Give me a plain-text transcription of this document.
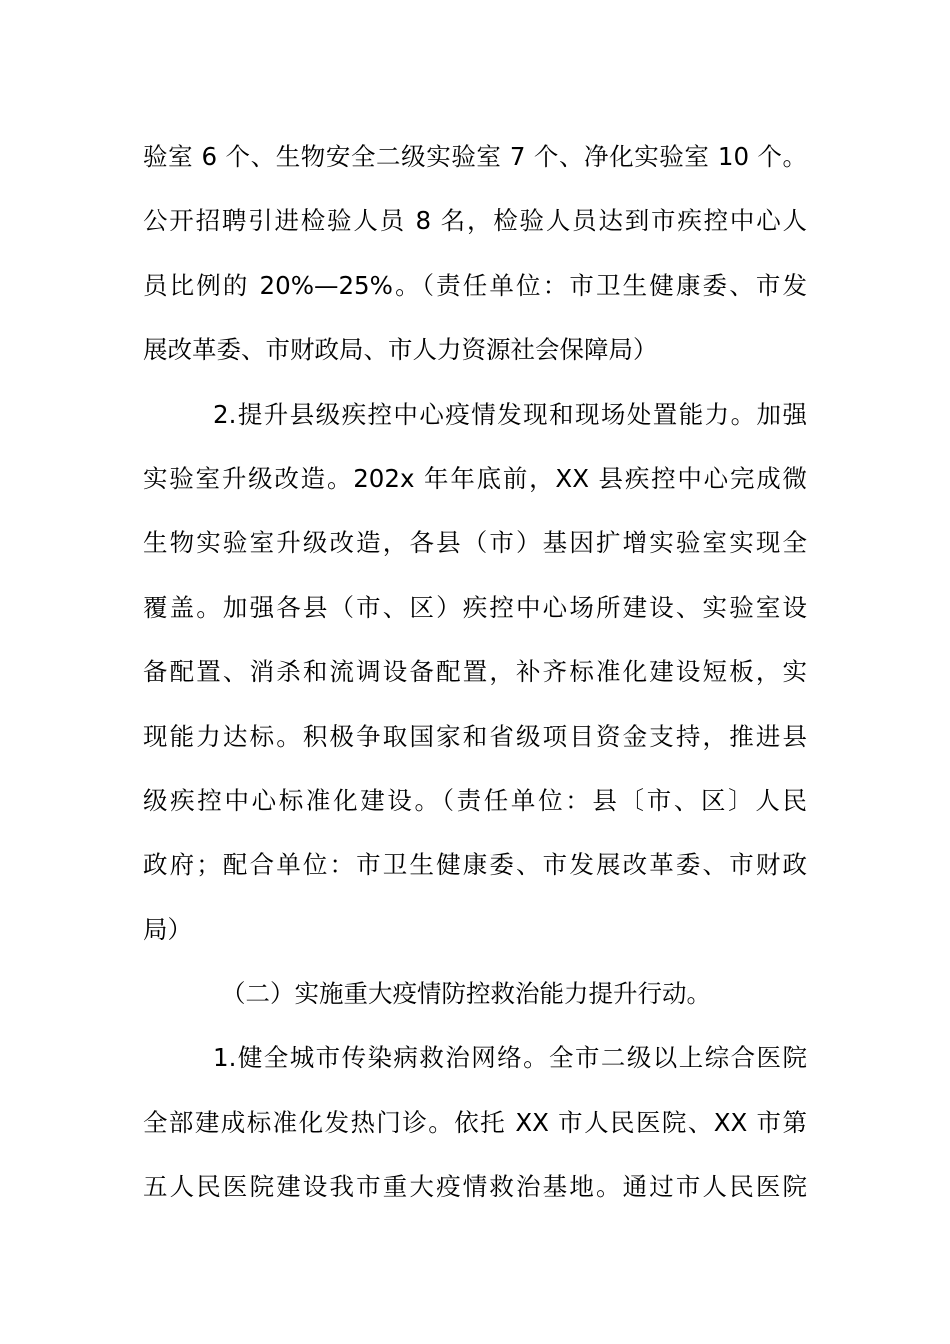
验室 6 个、生物安全二级实验室 7 个、净化实验室 10 个。
公开招聘引进检验人员 8 名，检验人员达到市疾控中心人
员比例的 20%—25%。（责任单位：市卫生健康委、市发
展改革委、市财政局、市人力资源社会保障局）
2.提升县级疾控中心疫情发现和现场处置能力。加强
实验室升级改造。202x 年年底前，XX 县疾控中心完成微
生物实验室升级改造，各县（市）基因扩增实验室实现全
覆盖。加强各县（市、区）疾控中心场所建设、实验室设
备配置、消杀和流调设备配置，补齐标准化建设短板，实
现能力达标。积极争取国家和省级项目资金支持，推进县
级疾控中心标准化建设。（责任单位：县〔市、区〕人民
政府；配合单位：市卫生健康委、市发展改革委、市财政
局）
（二）实施重大疫情防控救治能力提升行动。
1.健全城市传染病救治网络。全市二级以上综合医院
全部建成标准化发热门诊。依托 XX 市人民医院、XX 市第
五人民医院建设我市重大疫情救治基地。通过市人民医院
